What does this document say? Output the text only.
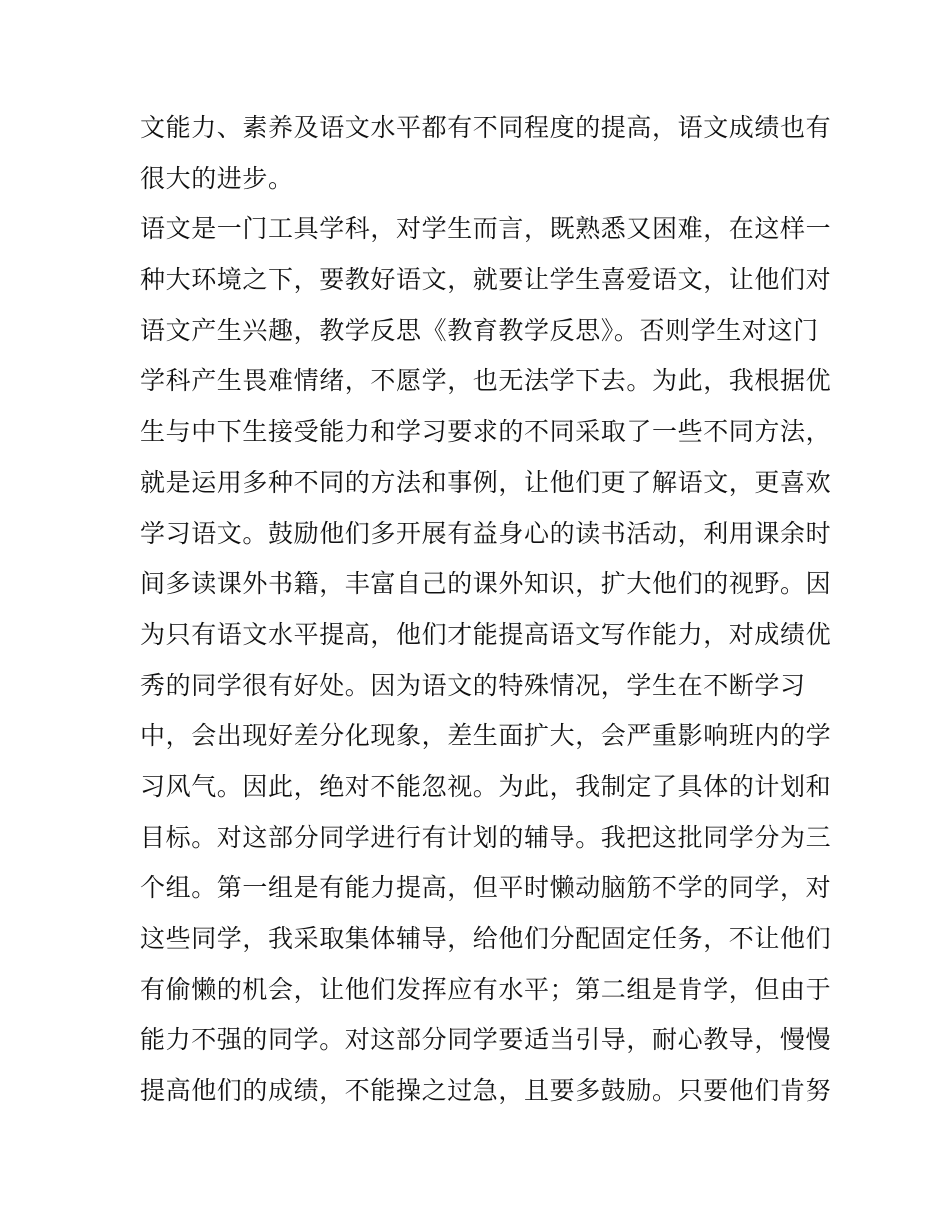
文能力、素养及语文水平都有不同程度的提高，语文成绩也有
很大的进步。
语文是一门工具学科，对学生而言，既熟悉又困难，在这样一
种大环境之下，要教好语文，就要让学生喜爱语文，让他们对
语文产生兴趣，教学反思《教育教学反思》。否则学生对这门
学科产生畏难情绪，不愿学，也无法学下去。为此，我根据优
生与中下生接受能力和学习要求的不同采取了一些不同方法，
就是运用多种不同的方法和事例，让他们更了解语文，更喜欢
学习语文。鼓励他们多开展有益身心的读书活动，利用课余时
间多读课外书籍，丰富自己的课外知识，扩大他们的视野。因
为只有语文水平提高，他们才能提高语文写作能力，对成绩优
秀的同学很有好处。因为语文的特殊情况，学生在不断学习
中，会出现好差分化现象，差生面扩大，会严重影响班内的学
习风气。因此，绝对不能忽视。为此，我制定了具体的计划和
目标。对这部分同学进行有计划的辅导。我把这批同学分为三
个组。第一组是有能力提高，但平时懒动脑筋不学的同学，对
这些同学，我采取集体辅导，给他们分配固定任务，不让他们
有偷懒的机会，让他们发挥应有水平；第二组是肯学，但由于
能力不强的同学。对这部分同学要适当引导，耐心教导，慢慢
提高他们的成绩，不能操之过急，且要多鼓励。只要他们肯努
